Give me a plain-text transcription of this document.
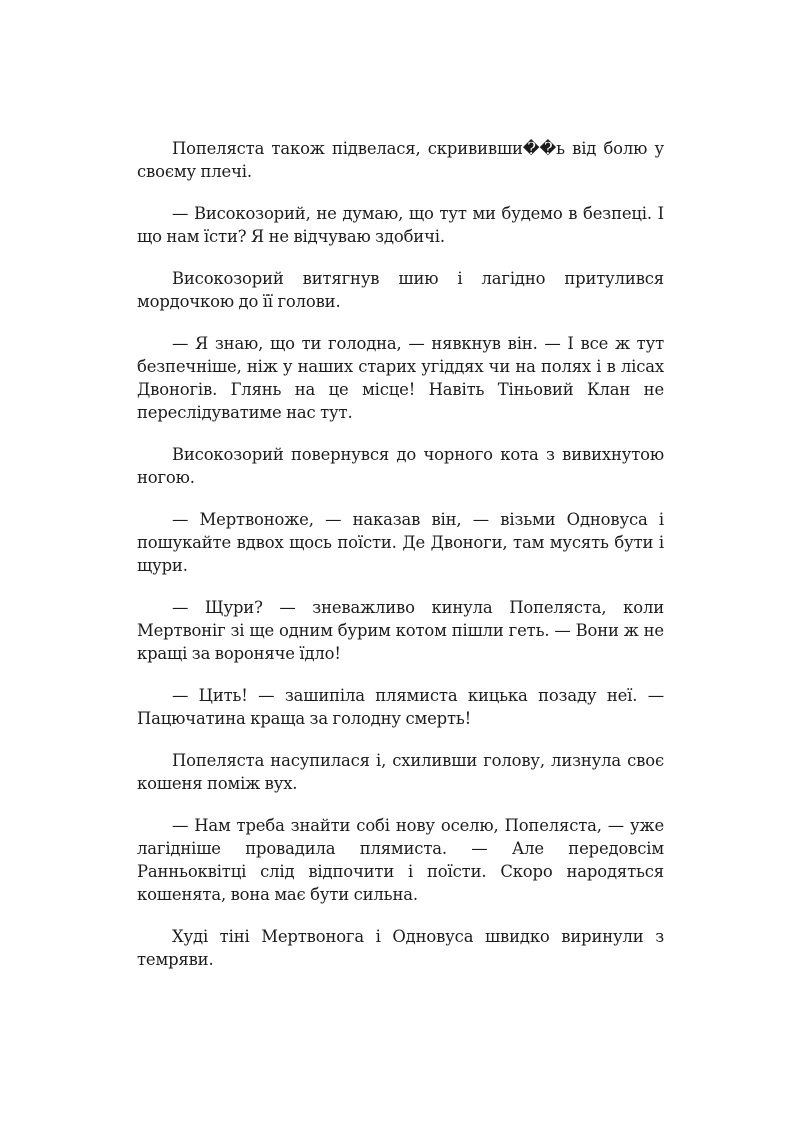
Попеляста також підвелася, скрививши��ь від болю у своєму плечі.

— Високозорий, не думаю, що тут ми будемо в безпеці. І що нам їсти? Я не відчуваю здобичі.

Високозорий витягнув шию і лагідно притулився мордочкою до її голови.

— Я знаю, що ти голодна, — нявкнув він. — І все ж тут безпечніше, ніж у наших старих угіддях чи на полях і в лісах Двоногів. Глянь на це місце! Навіть Тіньовий Клан не переслідуватиме нас тут.

Високозорий повернувся до чорного кота з вивихнутою ногою.

— Мертвоноже, — наказав він, — візьми Одновуса і пошукайте вдвох щось поїсти. Де Двоноги, там мусять бути і щури.

— Щури? — зневажливо кинула Попеляста, коли Мертвоніг зі ще одним бурим котом пішли геть. — Вони ж не кращі за вороняче їдло!

— Цить! — зашипіла плямиста кицька позаду неї. — Пацючатина краща за голодну смерть!

Попеляста насупилася і, схиливши голову, лизнула своє кошеня поміж вух.

— Нам треба знайти собі нову оселю, Попеляста, — уже лагідніше провадила плямиста. — Але передовсім Ранньоквітці слід відпочити і поїсти. Скоро народяться кошенята, вона має бути сильна.

Худі тіні Мертвонога і Одновуса швидко виринули з темряви.
